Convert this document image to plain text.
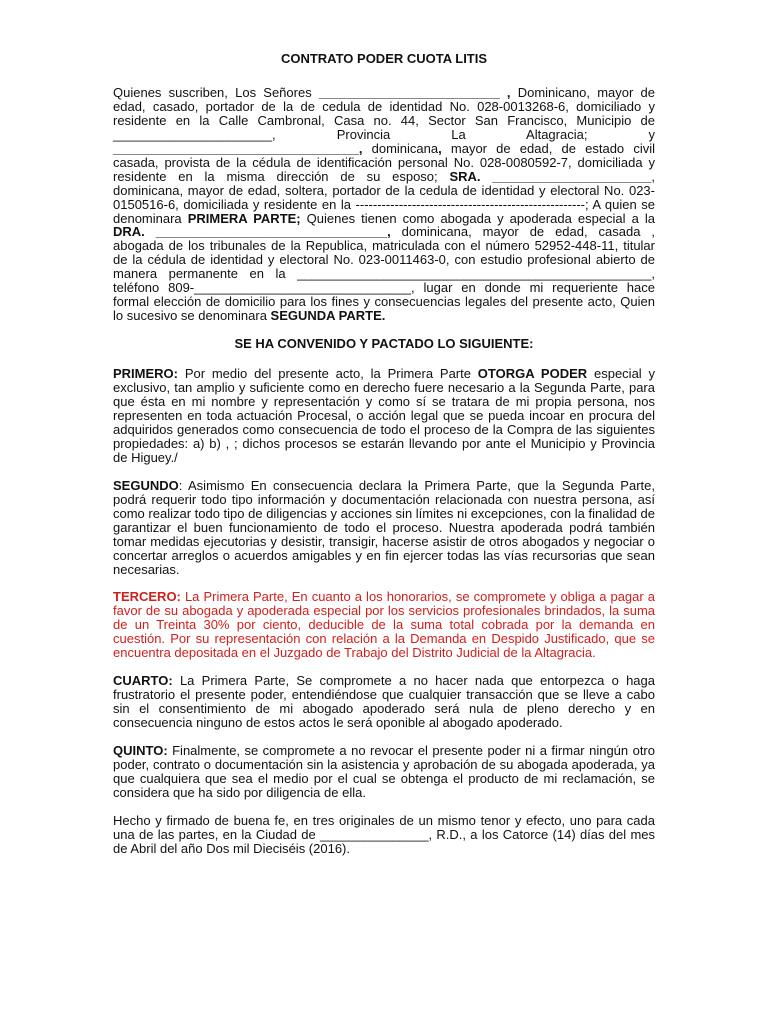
CONTRATO PODER CUOTA LITIS

Quienes suscriben, Los Señores _________________________ , Dominicano, mayor de edad, casado, portador de la de cedula de identidad No. 028-0013268-6, domiciliado y residente en la Calle Cambronal, Casa no. 44, Sector San Francisco, Municipio de ______________________, Provincia La Altagracia; y __________________________________, dominicana, mayor de edad, de estado civil casada, provista de la cédula de identificación personal No. 028-0080592-7, domiciliada y residente en la misma dirección de su esposo; SRA. ______________________, dominicana, mayor de edad, soltera, portador de la cedula de identidad y electoral No. 023-0150516-6, domiciliada y residente en la -----------------------------------------------------; A quien se denominara PRIMERA PARTE; Quienes tienen como abogada y apoderada especial a la DRA. ________________________________, dominicana, mayor de edad, casada , abogada de los tribunales de la Republica, matriculada con el número 52952-448-11, titular de la cédula de identidad y electoral No. 023-0011463-0, con estudio profesional abierto de manera permanente en la _________________________________________________, teléfono 809-______________________________, lugar en donde mi requeriente hace formal elección de domicilio para los fines y consecuencias legales del presente acto, Quien lo sucesivo se denominara SEGUNDA PARTE.

SE HA CONVENIDO Y PACTADO LO SIGUIENTE:

PRIMERO: Por medio del presente acto, la Primera Parte OTORGA PODER especial y exclusivo, tan amplio y suficiente como en derecho fuere necesario a la Segunda Parte, para que ésta en mi nombre y representación y como sí se tratara de mi propia persona, nos representen en toda actuación Procesal, o acción legal que se pueda incoar en procura del adquiridos generados como consecuencia de todo el proceso de la Compra de las siguientes propiedades: a) b) , ; dichos procesos se estarán llevando por ante el Municipio y Provincia de Higuey./

SEGUNDO: Asimismo En consecuencia declara la Primera Parte, que la Segunda Parte, podrá requerir todo tipo información y documentación relacionada con nuestra persona, así como realizar todo tipo de diligencias y acciones sin límites ni excepciones, con la finalidad de garantizar el buen funcionamiento de todo el proceso. Nuestra apoderada podrá también tomar medidas ejecutorias y desistir, transigir, hacerse asistir de otros abogados y negociar o concertar arreglos o acuerdos amigables y en fin ejercer todas las vías recursorias que sean necesarias.

TERCERO: La Primera Parte, En cuanto a los honorarios, se compromete y obliga a pagar a favor de su abogada y apoderada especial por los servicios profesionales brindados, la suma de un Treinta 30% por ciento, deducible de la suma total cobrada por la demanda en cuestión. Por su representación con relación a la Demanda en Despido Justificado, que se encuentra depositada en el Juzgado de Trabajo del Distrito Judicial de la Altagracia.

CUARTO: La Primera Parte, Se compromete a no hacer nada que entorpezca o haga frustratorio el presente poder, entendiéndose que cualquier transacción que se lleve a cabo sin el consentimiento de mi abogado apoderado será nula de pleno derecho y en consecuencia ninguno de estos actos le será oponible al abogado apoderado.

QUINTO: Finalmente, se compromete a no revocar el presente poder ni a firmar ningún otro poder, contrato o documentación sin la asistencia y aprobación de su abogada apoderada, ya que cualquiera que sea el medio por el cual se obtenga el producto de mi reclamación, se considera que ha sido por diligencia de ella.

Hecho y firmado de buena fe, en tres originales de un mismo tenor y efecto, uno para cada una de las partes, en la Ciudad de _______________, R.D., a los Catorce (14) días del mes de Abril del año Dos mil Dieciséis (2016).
